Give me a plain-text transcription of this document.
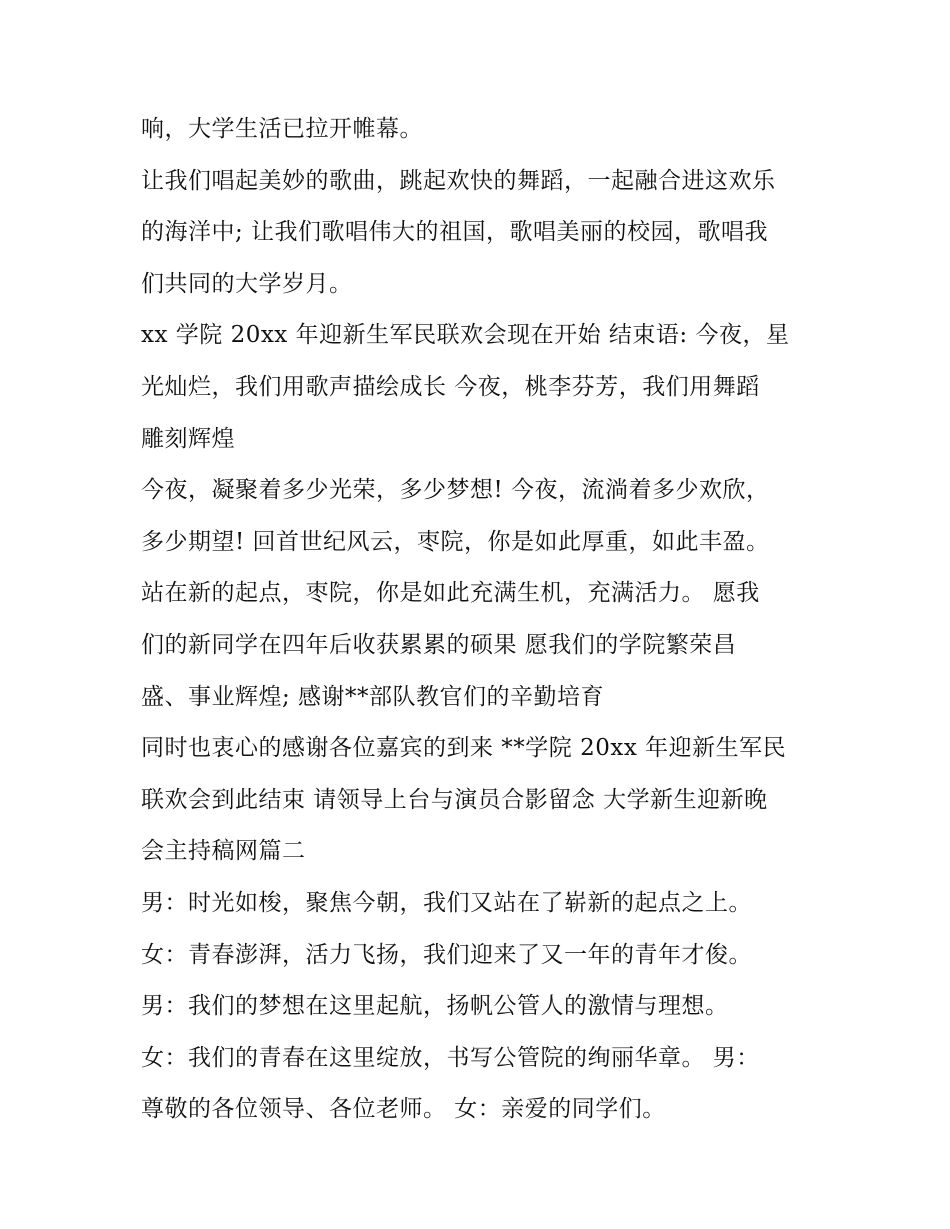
响，大学生活已拉开帷幕。
让我们唱起美妙的歌曲，跳起欢快的舞蹈，一起融合进这欢乐
的海洋中; 让我们歌唱伟大的祖国，歌唱美丽的校园，歌唱我
们共同的大学岁月。
xx 学院 20xx 年迎新生军民联欢会现在开始 结束语: 今夜，星
光灿烂，我们用歌声描绘成长 今夜，桃李芬芳，我们用舞蹈
雕刻辉煌
今夜，凝聚着多少光荣，多少梦想! 今夜，流淌着多少欢欣，
多少期望! 回首世纪风云，枣院，你是如此厚重，如此丰盈。
站在新的起点，枣院，你是如此充满生机，充满活力。 愿我
们的新同学在四年后收获累累的硕果 愿我们的学院繁荣昌
盛、事业辉煌; 感谢**部队教官们的辛勤培育
同时也衷心的感谢各位嘉宾的到来 **学院 20xx 年迎新生军民
联欢会到此结束 请领导上台与演员合影留念 大学新生迎新晚
会主持稿网篇二
男：时光如梭，聚焦今朝，我们又站在了崭新的起点之上。
女：青春澎湃，活力飞扬，我们迎来了又一年的青年才俊。
男：我们的梦想在这里起航，扬帆公管人的激情与理想。
女：我们的青春在这里绽放，书写公管院的绚丽华章。 男：
尊敬的各位领导、各位老师。 女：亲爱的同学们。
